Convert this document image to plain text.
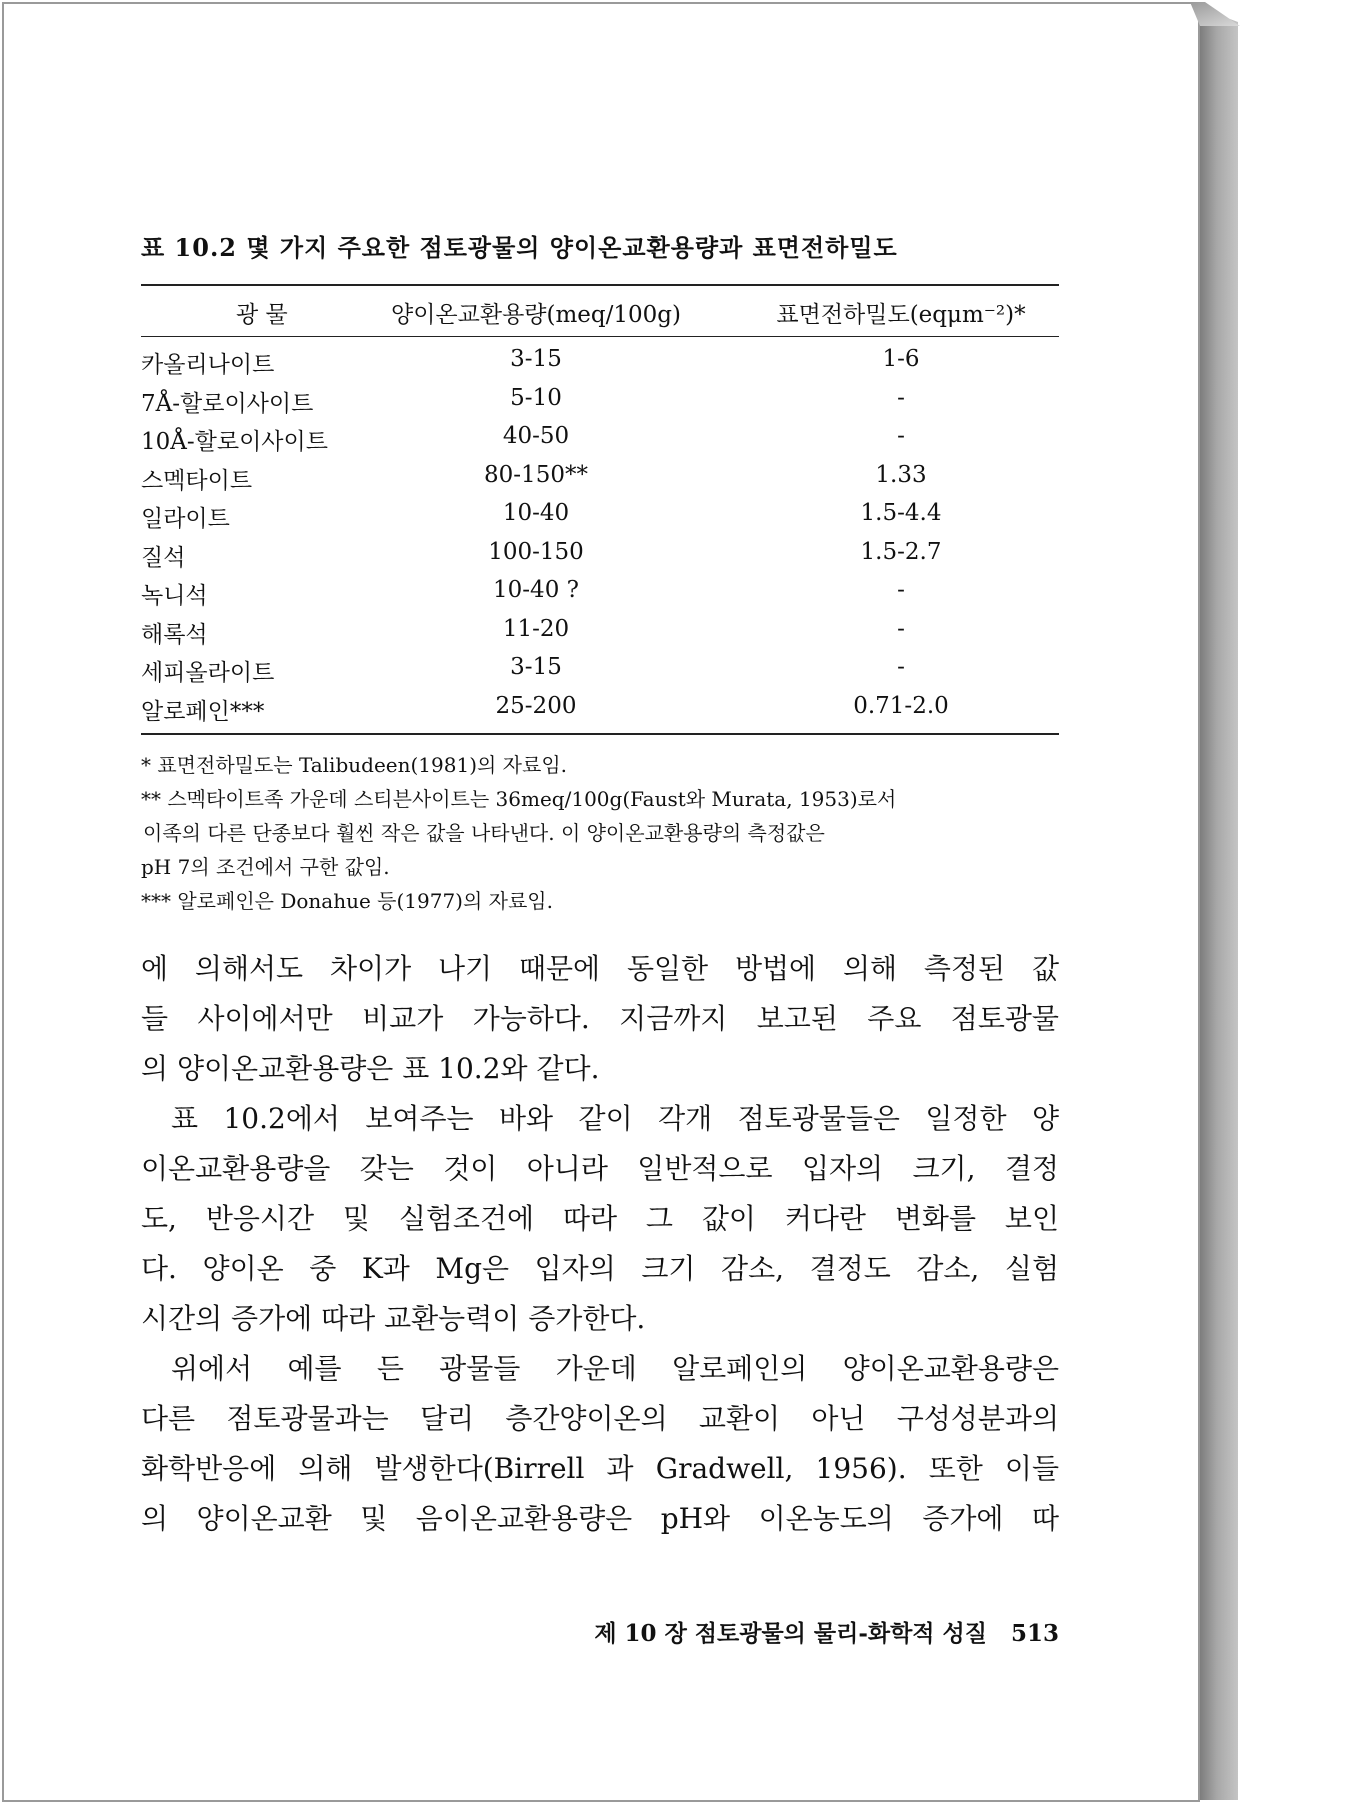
표 10.2 몇 가지 주요한 점토광물의 양이온교환용량과 표면전하밀도
광 물	양이온교환용량(meq/100g)	표면전하밀도(eqμm⁻²)*
카올리나이트	3-15	1-6
7Å-할로이사이트	5-10	-
10Å-할로이사이트	40-50	-
스멕타이트	80-150**	1.33
일라이트	10-40	1.5-4.4
질석	100-150	1.5-2.7
녹니석	10-40 ?	-
해록석	11-20	-
세피올라이트	3-15	-
알로페인***	25-200	0.71-2.0
* 표면전하밀도는 Talibudeen(1981)의 자료임.
** 스멕타이트족 가운데 스티븐사이트는 36meq/100g(Faust와 Murata, 1953)로서
이족의 다른 단종보다 훨씬 작은 값을 나타낸다. 이 양이온교환용량의 측정값은
pH 7의 조건에서 구한 값임.
*** 알로페인은 Donahue 등(1977)의 자료임.
에 의해서도 차이가 나기 때문에 동일한 방법에 의해 측정된 값
들 사이에서만 비교가 가능하다. 지금까지 보고된 주요 점토광물
의 양이온교환용량은 표 10.2와 같다.
표 10.2에서 보여주는 바와 같이 각개 점토광물들은 일정한 양
이온교환용량을 갖는 것이 아니라 일반적으로 입자의 크기, 결정
도, 반응시간 및 실험조건에 따라 그 값이 커다란 변화를 보인
다. 양이온 중 K과 Mg은 입자의 크기 감소, 결정도 감소, 실험
시간의 증가에 따라 교환능력이 증가한다.
위에서 예를 든 광물들 가운데 알로페인의 양이온교환용량은
다른 점토광물과는 달리 층간양이온의 교환이 아닌 구성성분과의
화학반응에 의해 발생한다(Birrell 과 Gradwell, 1956). 또한 이들
의 양이온교환 및 음이온교환용량은 pH와 이온농도의 증가에 따
제 10 장 점토광물의 물리-화학적 성질 513
